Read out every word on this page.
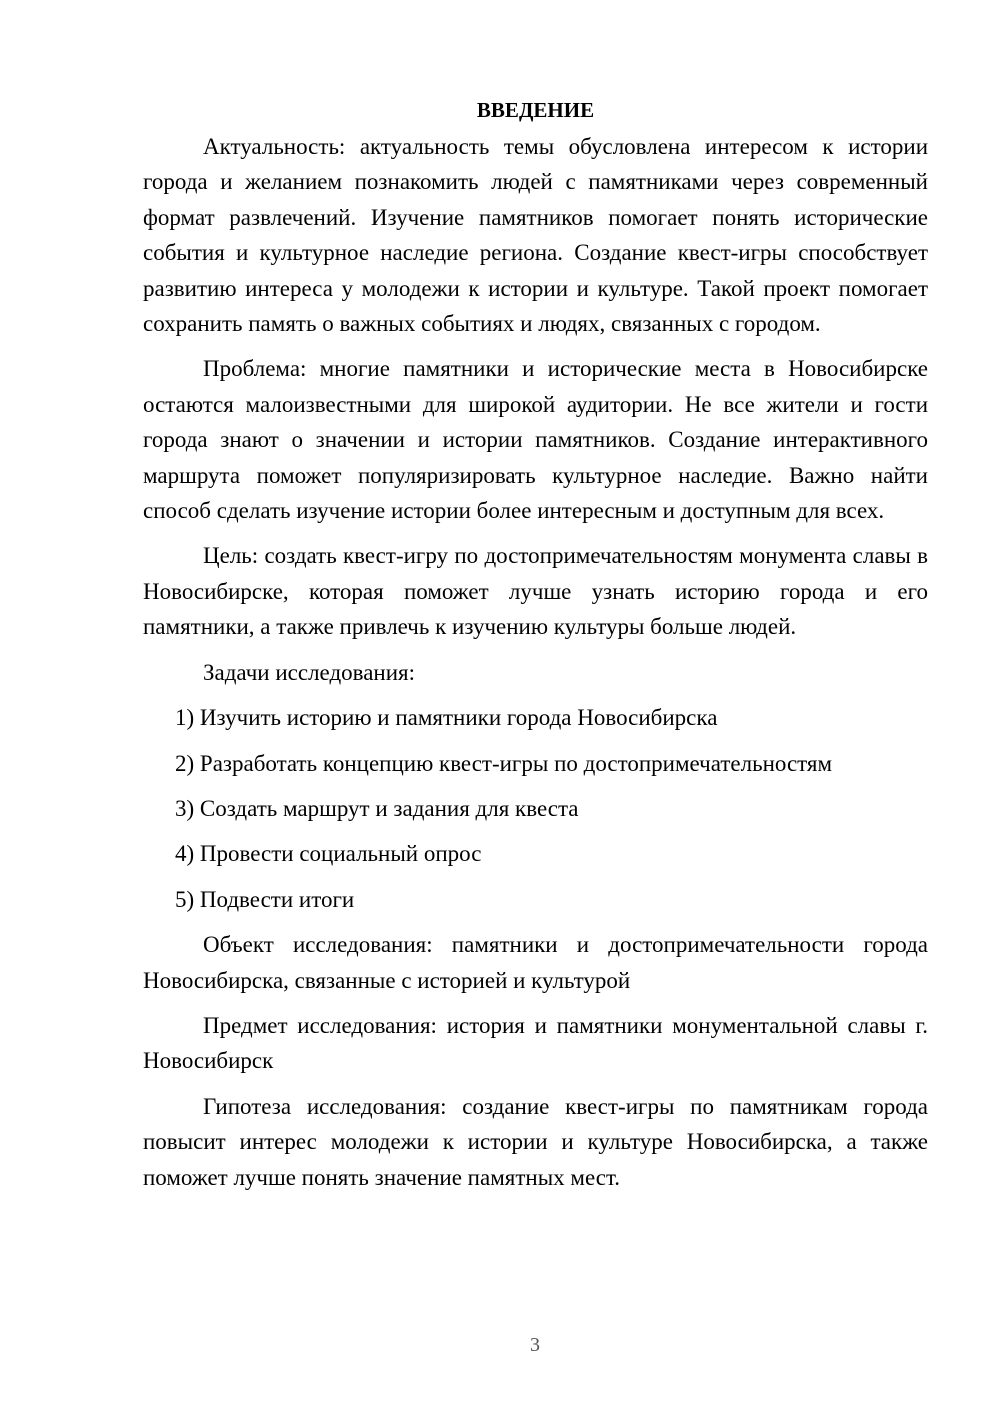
ВВЕДЕНИЕ

Актуальность: актуальность темы обусловлена интересом к истории города и желанием познакомить людей с памятниками через современный формат развлечений. Изучение памятников помогает понять исторические события и культурное наследие региона. Создание квест-игры способствует развитию интереса у молодежи к истории и культуре. Такой проект помогает сохранить память о важных событиях и людях, связанных с городом.

Проблема: многие памятники и исторические места в Новосибирске остаются малоизвестными для широкой аудитории. Не все жители и гости города знают о значении и истории памятников. Создание интерактивного маршрута поможет популяризировать культурное наследие. Важно найти способ сделать изучение истории более интересным и доступным для всех.

Цель: создать квест-игру по достопримечательностям монумента славы в Новосибирске, которая поможет лучше узнать историю города и его памятники, а также привлечь к изучению культуры больше людей.

Задачи исследования:

1) Изучить историю и памятники города Новосибирска

2) Разработать концепцию квест-игры по достопримечательностям

3) Создать маршрут и задания для квеста

4) Провести социальный опрос

5) Подвести итоги

Объект исследования: памятники и достопримечательности города Новосибирска, связанные с историей и культурой

Предмет исследования: история и памятники монументальной славы г. Новосибирск

Гипотеза исследования: создание квест-игры по памятникам города повысит интерес молодежи к истории и культуре Новосибирска, а также поможет лучше понять значение памятных мест.

3
